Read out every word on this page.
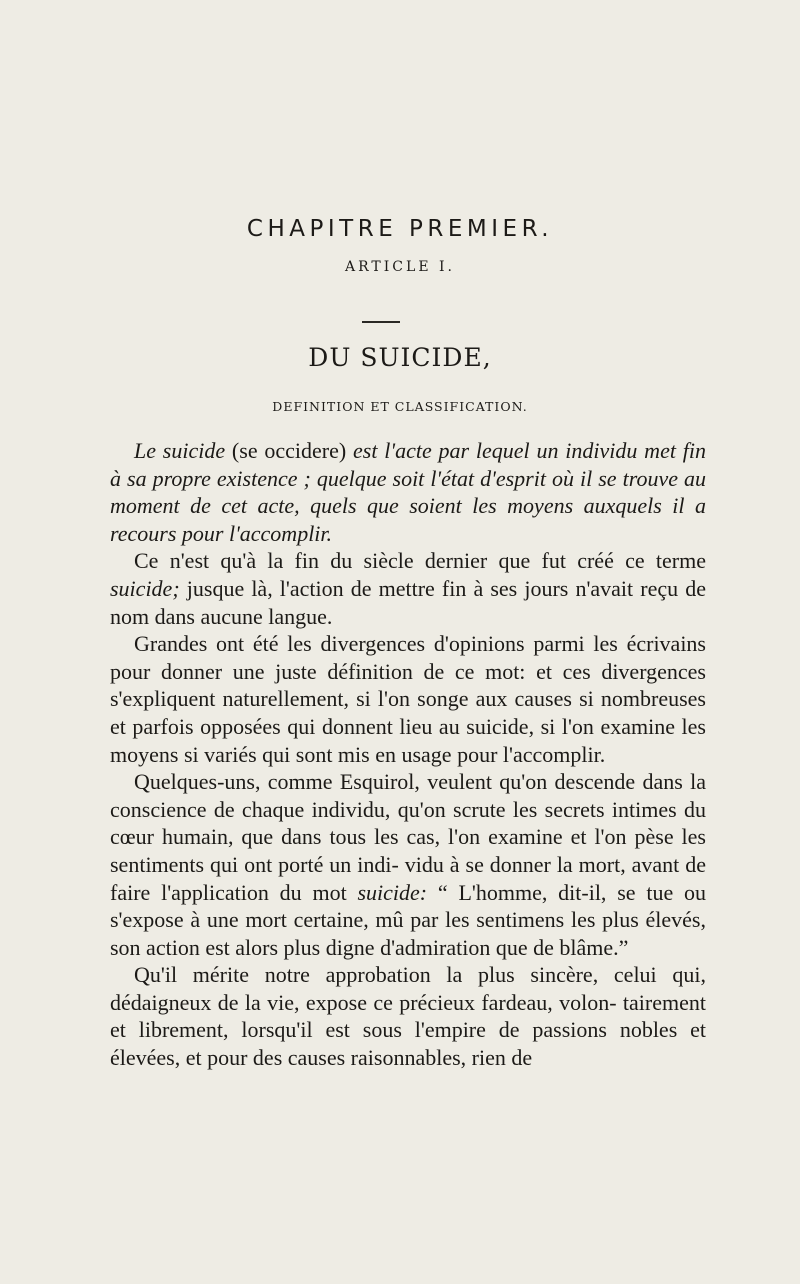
CHAPITRE PREMIER.
ARTICLE I.
DU SUICIDE,
DEFINITION ET CLASSIFICATION.

Le suicide (se occidere) est l'acte par lequel un individu met fin à sa propre existence ; quelque soit l'état d'esprit où il se trouve au moment de cet acte, quels que soient les moyens auxquels il a recours pour l'accomplir.

Ce n'est qu'à la fin du siècle dernier que fut créé ce terme suicide; jusque là, l'action de mettre fin à ses jours n'avait reçu de nom dans aucune langue.

Grandes ont été les divergences d'opinions parmi les écrivains pour donner une juste définition de ce mot: et ces divergences s'expliquent naturellement, si l'on songe aux causes si nombreuses et parfois opposées qui donnent lieu au suicide, si l'on examine les moyens si variés qui sont mis en usage pour l'accomplir.

Quelques-uns, comme Esquirol, veulent qu'on descende dans la conscience de chaque individu, qu'on scrute les secrets intimes du cœur humain, que dans tous les cas, l'on examine et l'on pèse les sentiments qui ont porté un indi- vidu à se donner la mort, avant de faire l'application du mot suicide: “ L'homme, dit-il, se tue ou s'expose à une mort certaine, mû par les sentimens les plus élevés, son action est alors plus digne d'admiration que de blâme.”

Qu'il mérite notre approbation la plus sincère, celui qui, dédaigneux de la vie, expose ce précieux fardeau, volon- tairement et librement, lorsqu'il est sous l'empire de passions nobles et élevées, et pour des causes raisonnables, rien de
